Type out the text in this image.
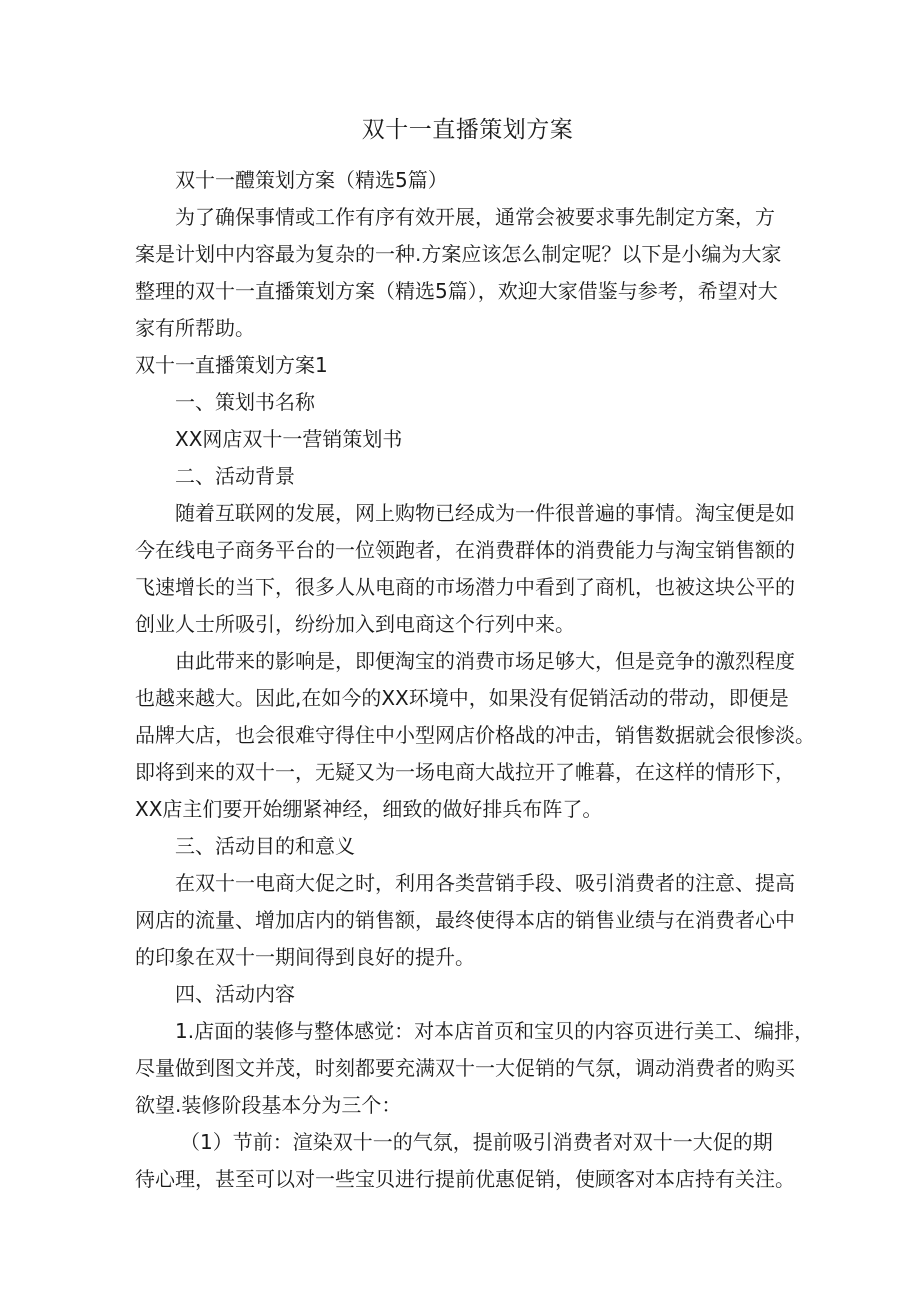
双十一直播策划方案

双十一醴策划方案（精选5篇）

为了确保事情或工作有序有效开展，通常会被要求事先制定方案，方

案是计划中内容最为复杂的一种.方案应该怎么制定呢？以下是小编为大家

整理的双十一直播策划方案（精选5篇），欢迎大家借鉴与参考，希望对大

家有所帮助。

双十一直播策划方案1

一、策划书名称

XX网店双十一营销策划书

二、活动背景

随着互联网的发展，网上购物已经成为一件很普遍的事情。淘宝便是如

今在线电子商务平台的一位领跑者，在消费群体的消费能力与淘宝销售额的

飞速增长的当下，很多人从电商的市场潜力中看到了商机，也被这块公平的

创业人士所吸引，纷纷加入到电商这个行列中来。

由此带来的影响是，即便淘宝的消费市场足够大，但是竞争的激烈程度

也越来越大。因此,在如今的XX环境中，如果没有促销活动的带动，即便是

品牌大店，也会很难守得住中小型网店价格战的冲击，销售数据就会很惨淡。

即将到来的双十一，无疑又为一场电商大战拉开了帷暮，在这样的情形下，

XX店主们要开始绷紧神经，细致的做好排兵布阵了。

三、活动目的和意义

在双十一电商大促之时，利用各类营销手段、吸引消费者的注意、提高

网店的流量、增加店内的销售额，最终使得本店的销售业绩与在消费者心中

的印象在双十一期间得到良好的提升。

四、活动内容

1.店面的装修与整体感觉：对本店首页和宝贝的内容页进行美工、编排，

尽量做到图文并茂，时刻都要充满双十一大促销的气氛，调动消费者的购买

欲望.装修阶段基本分为三个：

（1）节前：渲染双十一的气氛，提前吸引消费者对双十一大促的期

待心理，甚至可以对一些宝贝进行提前优惠促销，使顾客对本店持有关注。
